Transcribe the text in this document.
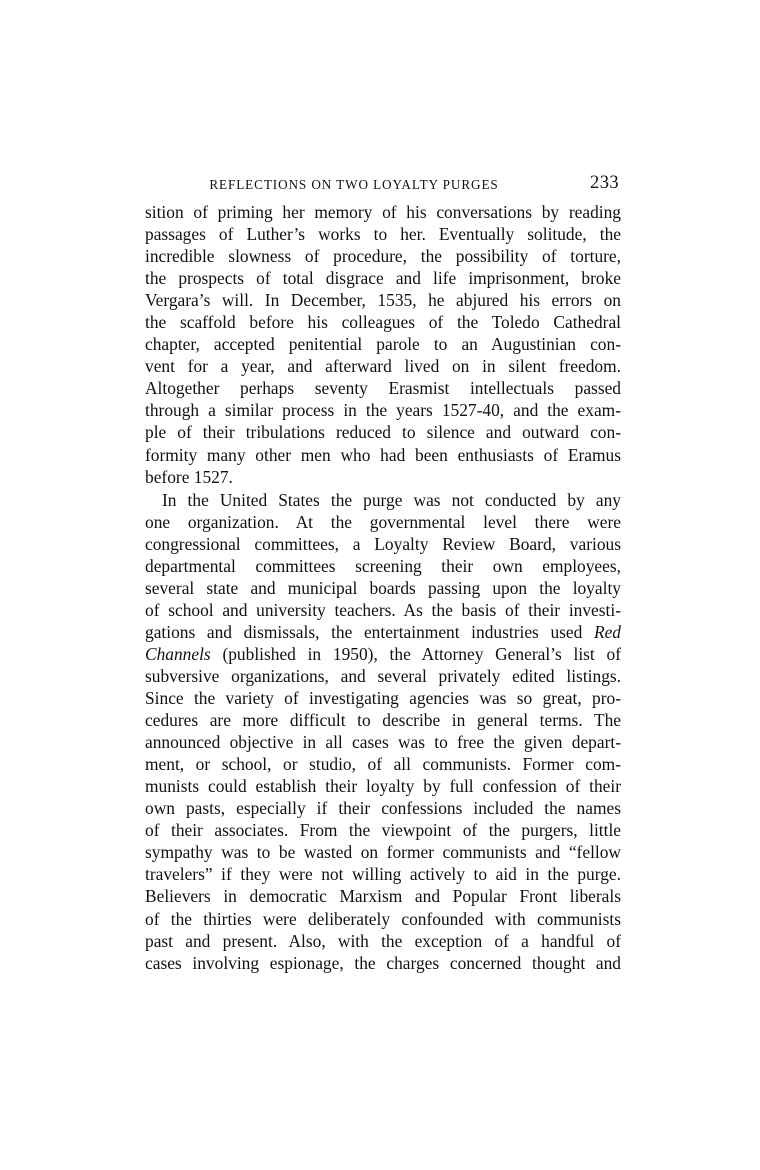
REFLECTIONS ON TWO LOYALTY PURGES	233
sition of priming her memory of his conversations by reading
passages of Luther’s works to her. Eventually solitude, the
incredible slowness of procedure, the possibility of torture,
the prospects of total disgrace and life imprisonment, broke
Vergara’s will. In December, 1535, he abjured his errors on
the scaffold before his colleagues of the Toledo Cathedral
chapter, accepted penitential parole to an Augustinian con-
vent for a year, and afterward lived on in silent freedom.
Altogether perhaps seventy Erasmist intellectuals passed
through a similar process in the years 1527-40, and the exam-
ple of their tribulations reduced to silence and outward con-
formity many other men who had been enthusiasts of Eramus
before 1527.
In the United States the purge was not conducted by any
one organization. At the governmental level there were
congressional committees, a Loyalty Review Board, various
departmental committees screening their own employees,
several state and municipal boards passing upon the loyalty
of school and university teachers. As the basis of their investi-
gations and dismissals, the entertainment industries used Red
Channels (published in 1950), the Attorney General’s list of
subversive organizations, and several privately edited listings.
Since the variety of investigating agencies was so great, pro-
cedures are more difficult to describe in general terms. The
announced objective in all cases was to free the given depart-
ment, or school, or studio, of all communists. Former com-
munists could establish their loyalty by full confession of their
own pasts, especially if their confessions included the names
of their associates. From the viewpoint of the purgers, little
sympathy was to be wasted on former communists and “fellow
travelers” if they were not willing actively to aid in the purge.
Believers in democratic Marxism and Popular Front liberals
of the thirties were deliberately confounded with communists
past and present. Also, with the exception of a handful of
cases involving espionage, the charges concerned thought and
